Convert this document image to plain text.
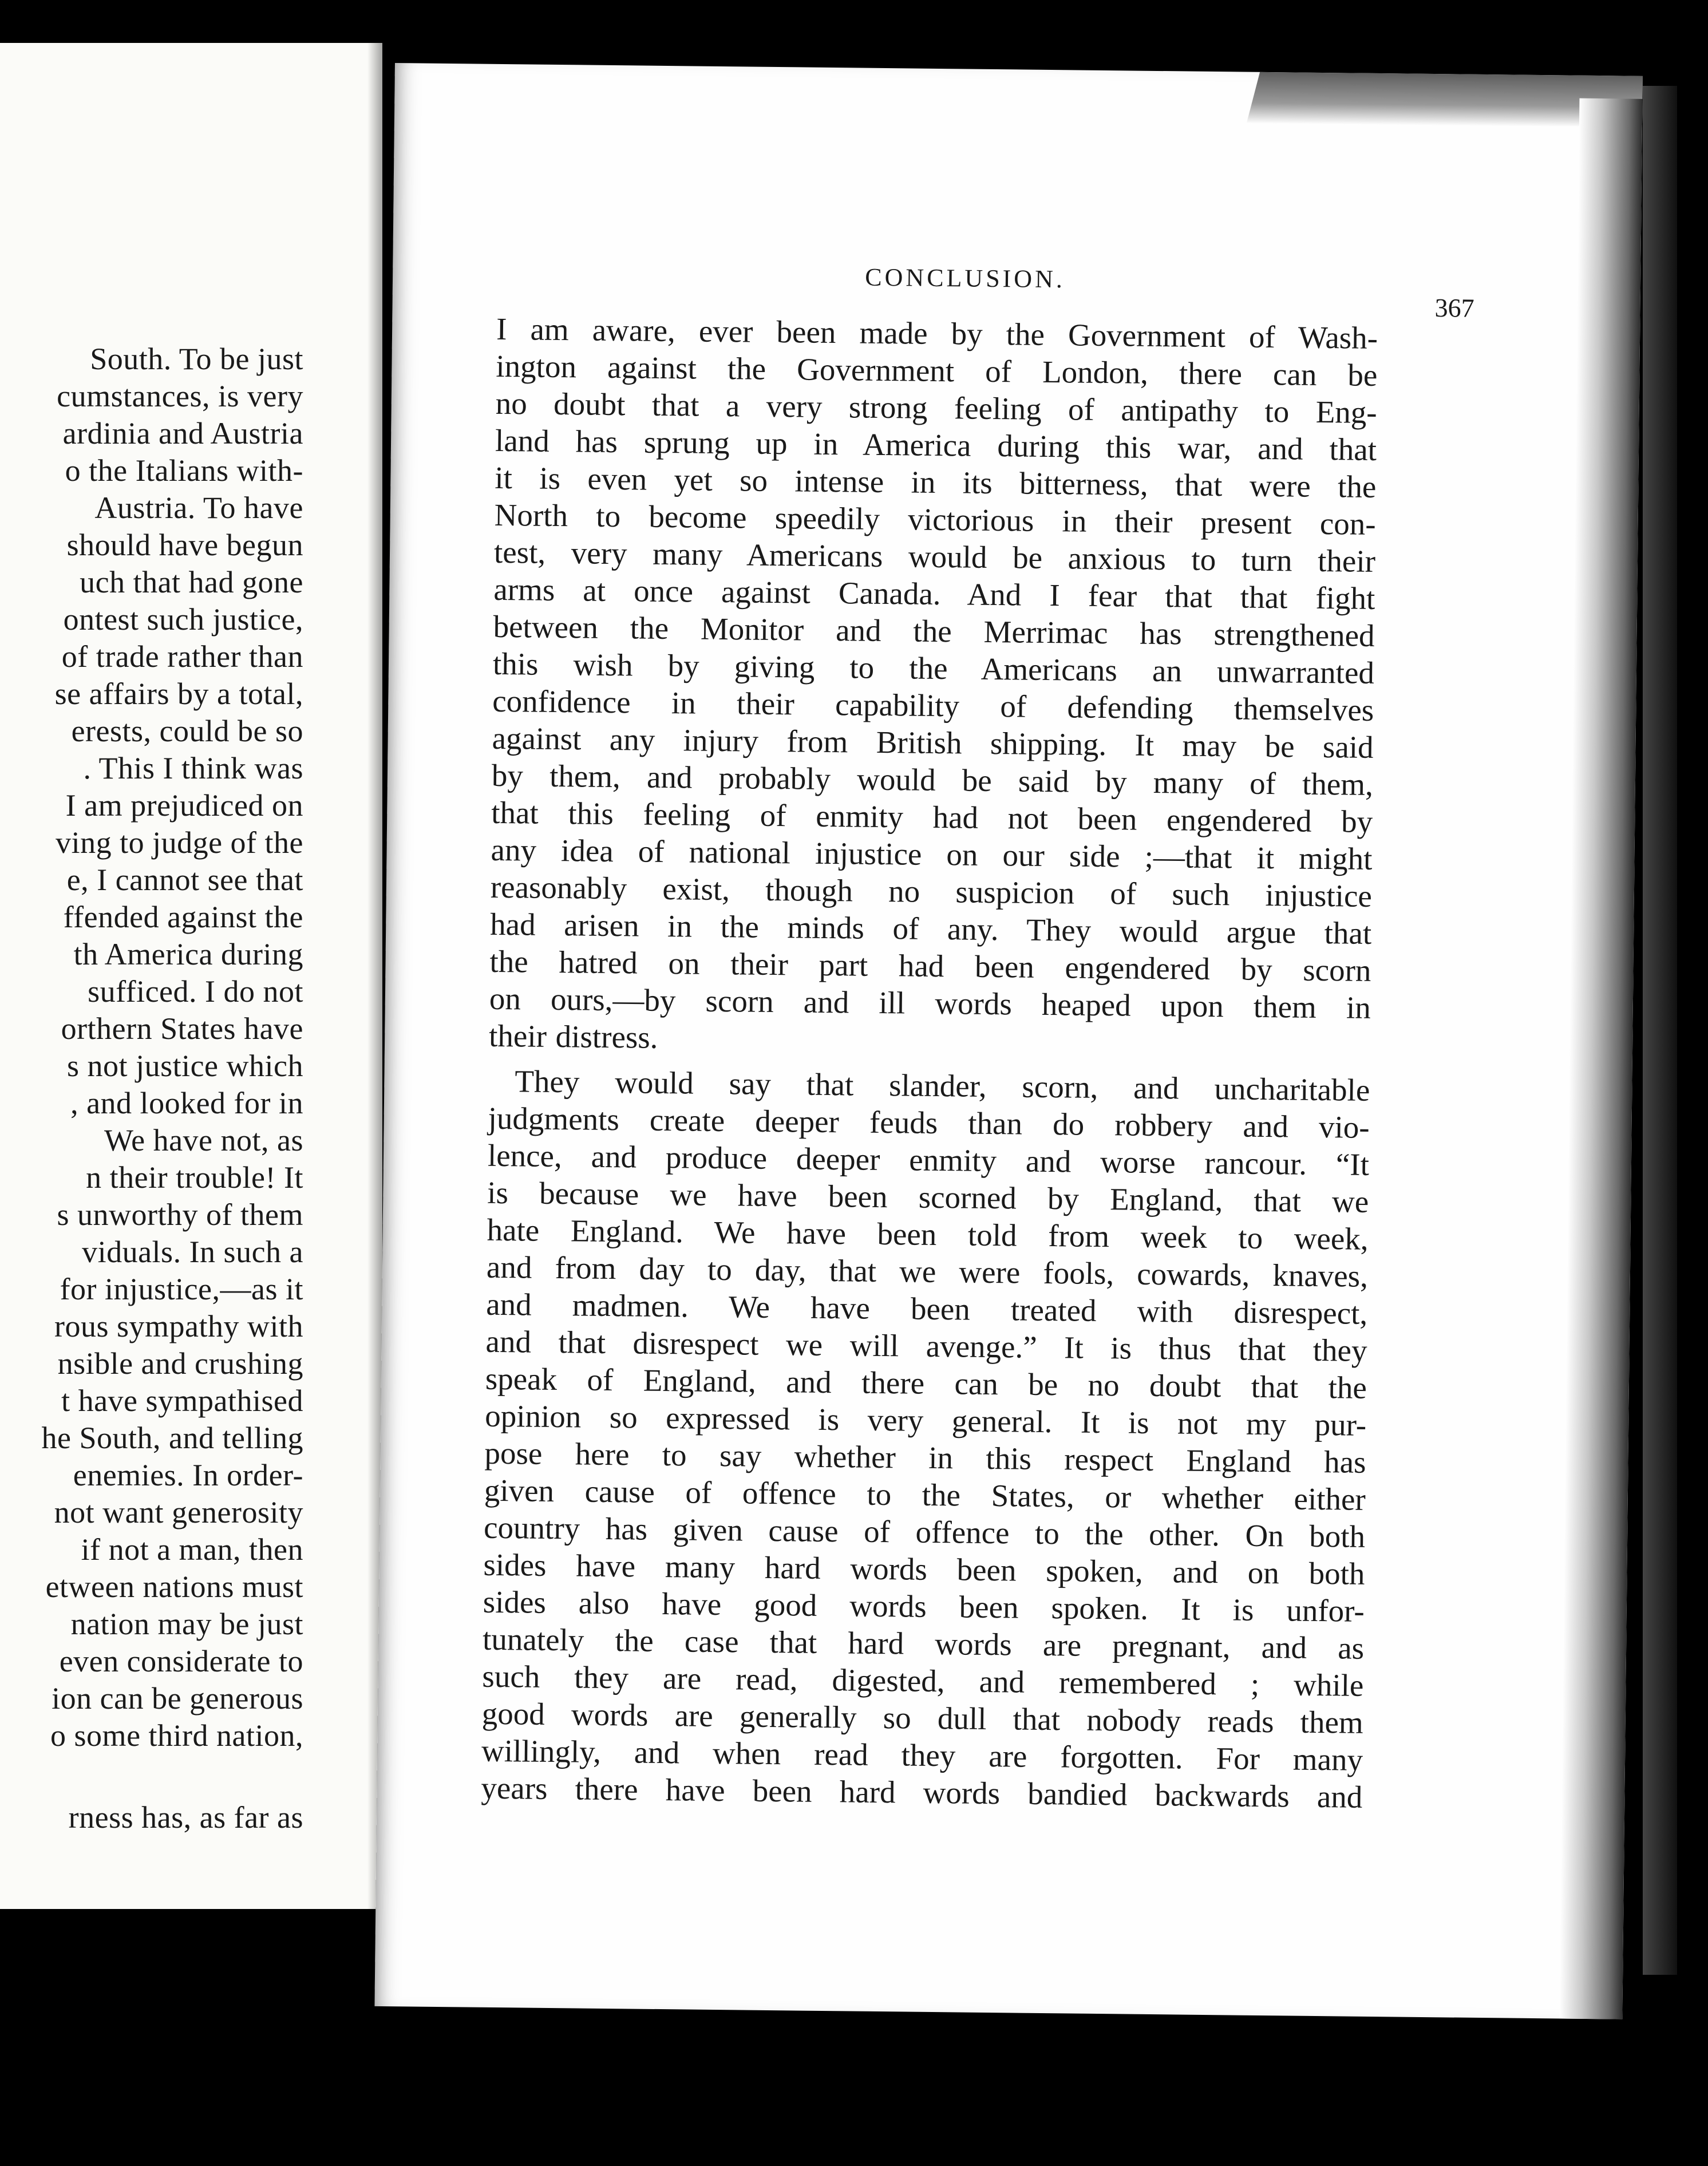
South. To be just
cumstances, is very
ardinia and Austria
o the Italians with-
Austria. To have
should have begun
uch that had gone
ontest such justice,
of trade rather than
se affairs by a total,
erests, could be so
. This I think was
I am prejudiced on
ving to judge of the
e, I cannot see that
ffended against the
th America during
sufficed. I do not
orthern States have
s not justice which
, and looked for in
We have not, as
n their trouble! It
s unworthy of them
viduals. In such a
for injustice,—as it
rous sympathy with
nsible and crushing
t have sympathised
he South, and telling
enemies. In order-
not want generosity
if not a man, then
etween nations must
nation may be just
even considerate to
ion can be generous
o some third nation,
rness has, as far as
CONCLUSION.
367
I am aware, ever been made by the Government of Wash-
ington against the Government of London, there can be
no doubt that a very strong feeling of antipathy to Eng-
land has sprung up in America during this war, and that
it is even yet so intense in its bitterness, that were the
North to become speedily victorious in their present con-
test, very many Americans would be anxious to turn their
arms at once against Canada. And I fear that that fight
between the Monitor and the Merrimac has strengthened
this wish by giving to the Americans an unwarranted
confidence in their capability of defending themselves
against any injury from British shipping. It may be said
by them, and probably would be said by many of them,
that this feeling of enmity had not been engendered by
any idea of national injustice on our side ;—that it might
reasonably exist, though no suspicion of such injustice
had arisen in the minds of any. They would argue that
the hatred on their part had been engendered by scorn
on ours,—by scorn and ill words heaped upon them in
their distress.
They would say that slander, scorn, and uncharitable
judgments create deeper feuds than do robbery and vio-
lence, and produce deeper enmity and worse rancour. “It
is because we have been scorned by England, that we
hate England. We have been told from week to week,
and from day to day, that we were fools, cowards, knaves,
and madmen. We have been treated with disrespect,
and that disrespect we will avenge.” It is thus that they
speak of England, and there can be no doubt that the
opinion so expressed is very general. It is not my pur-
pose here to say whether in this respect England has
given cause of offence to the States, or whether either
country has given cause of offence to the other. On both
sides have many hard words been spoken, and on both
sides also have good words been spoken. It is unfor-
tunately the case that hard words are pregnant, and as
such they are read, digested, and remembered ; while
good words are generally so dull that nobody reads them
willingly, and when read they are forgotten. For many
years there have been hard words bandied backwards and
